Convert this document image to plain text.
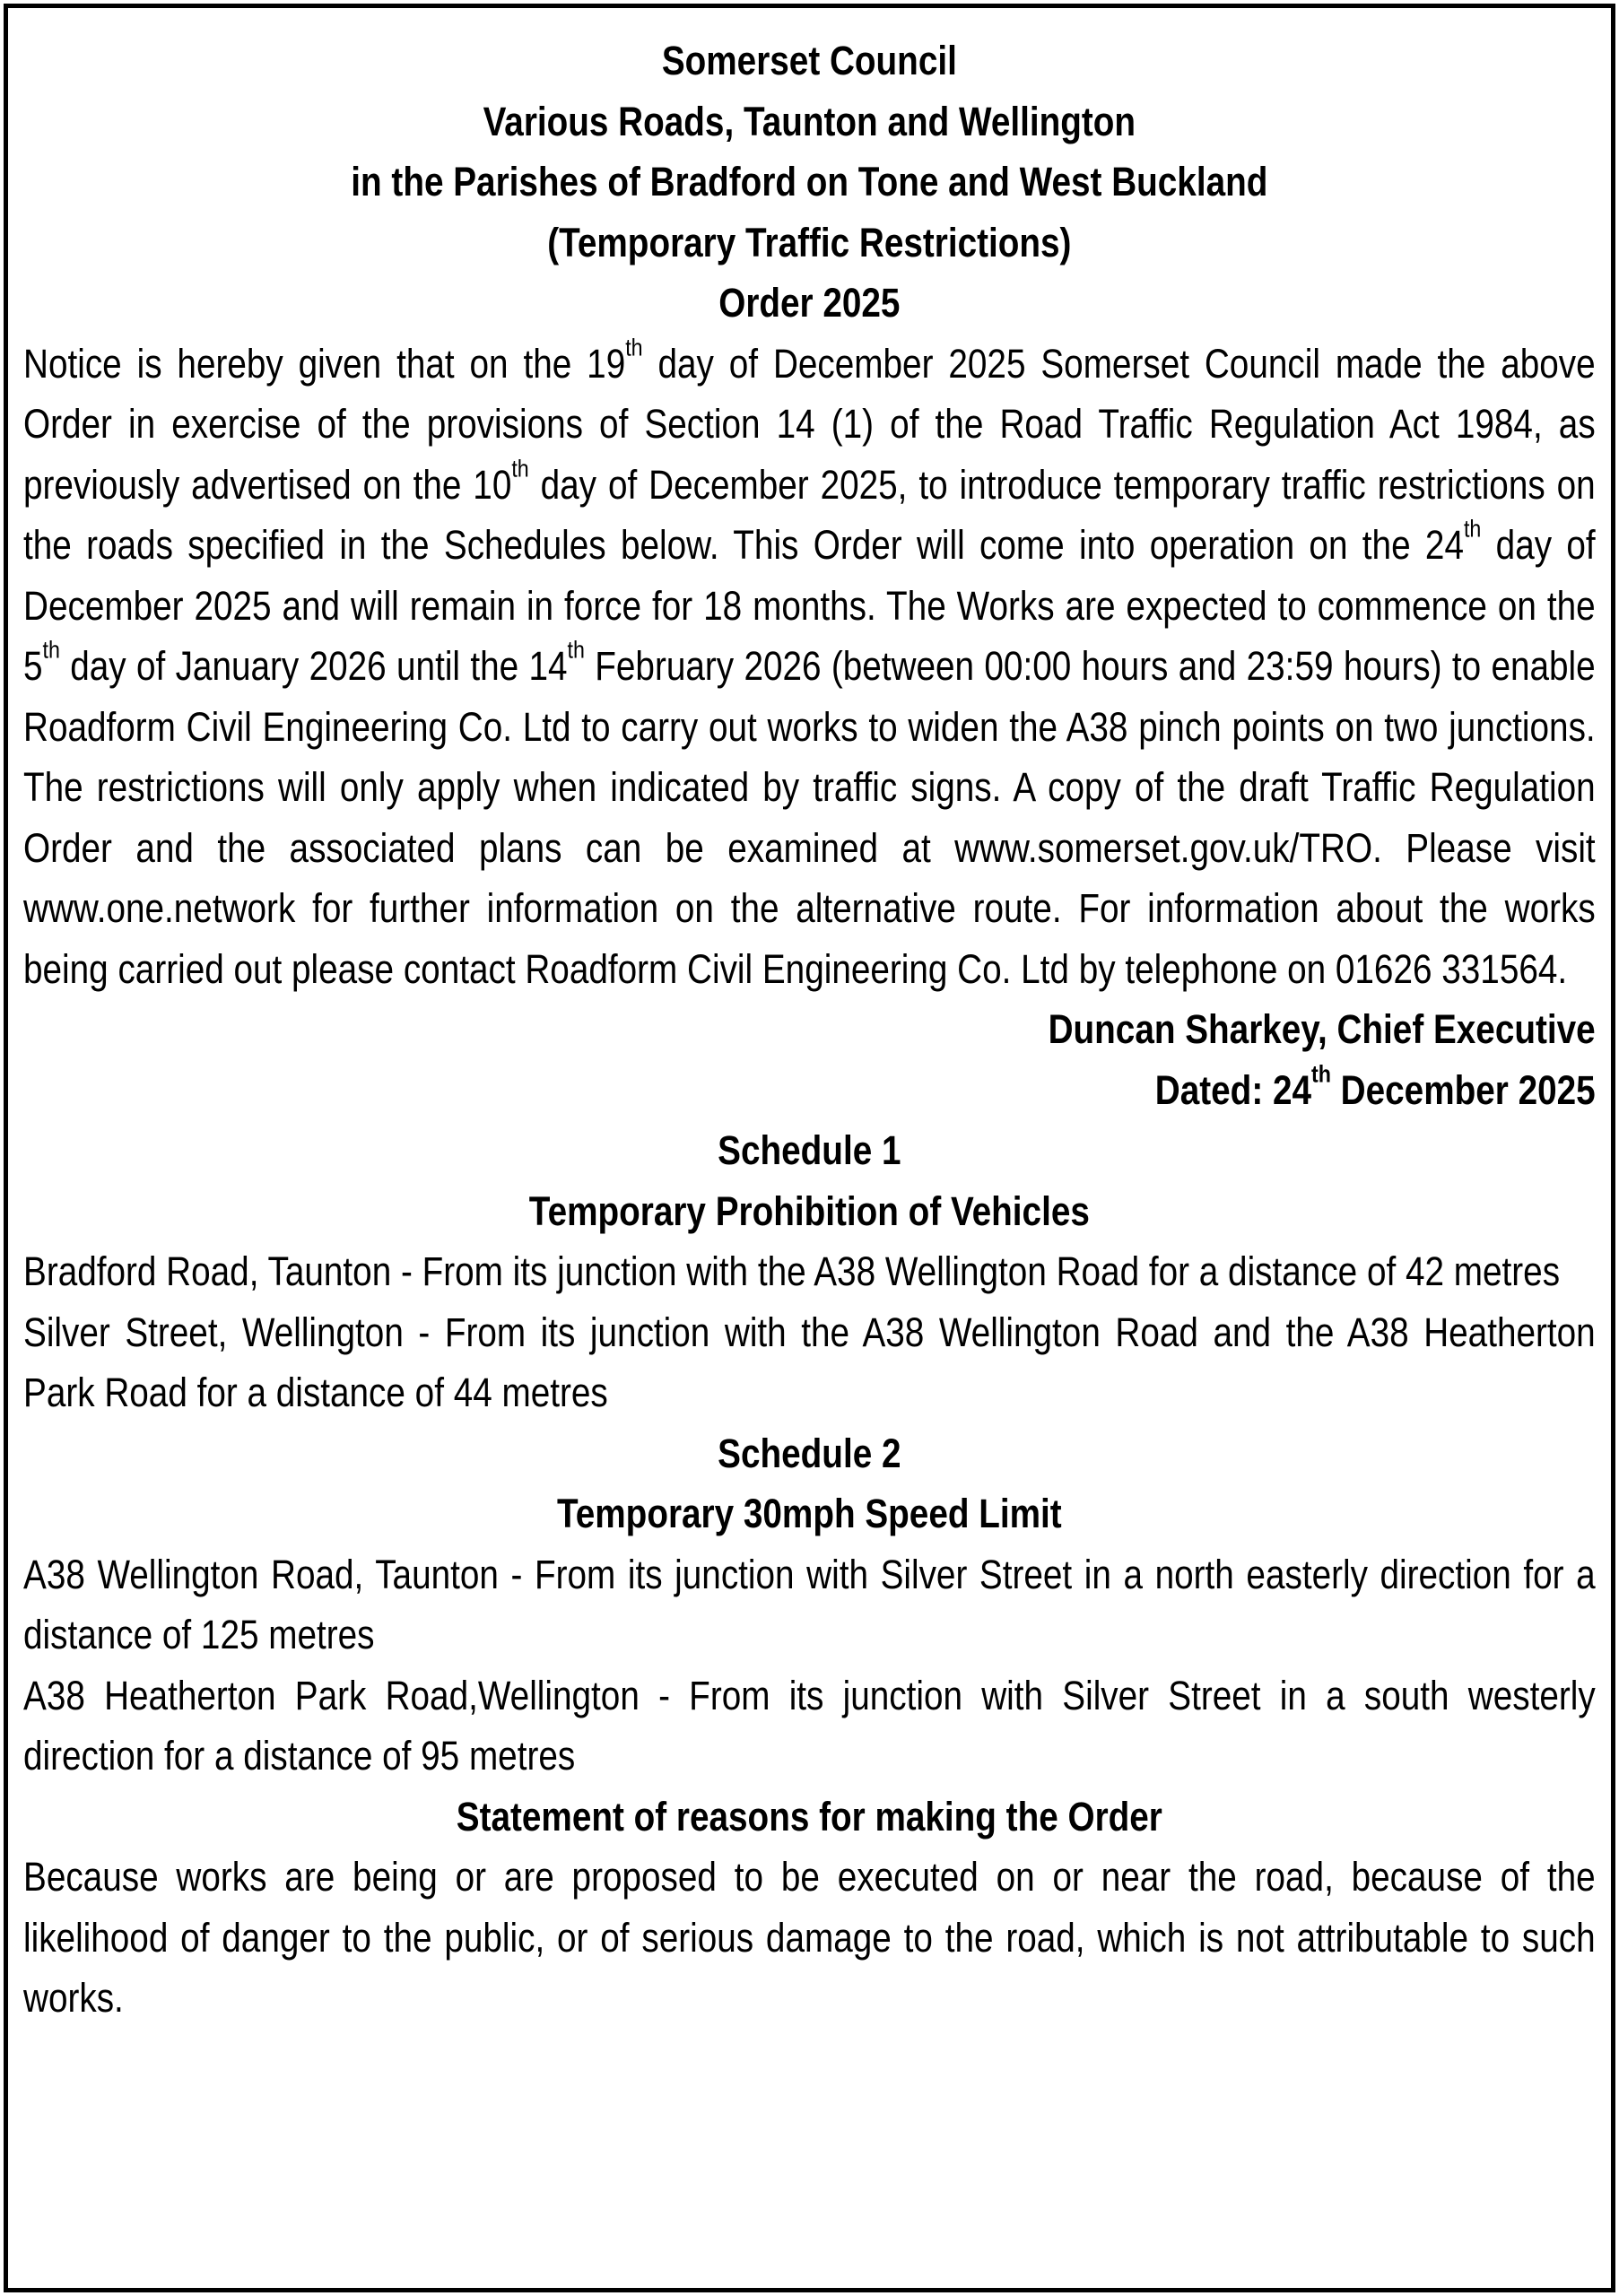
Somerset Council

Various Roads, Taunton and Wellington

in the Parishes of Bradford on Tone and West Buckland

(Temporary Traffic Restrictions)

Order 2025

Notice is hereby given that on the 19th day of December 2025 Somerset Council made the above Order in exercise of the provisions of Section 14 (1) of the Road Traffic Regulation Act 1984, as previously advertised on the 10th day of December 2025, to introduce temporary traffic restrictions on the roads specified in the Schedules below. This Order will come into operation on the 24th day of December 2025 and will remain in force for 18 months. The Works are expected to commence on the 5th day of January 2026 until the 14th February 2026 (between 00:00 hours and 23:59 hours) to enable Roadform Civil Engineering Co. Ltd to carry out works to widen the A38 pinch points on two junctions. The restrictions will only apply when indicated by traffic signs. A copy of the draft Traffic Regulation Order and the associated plans can be examined at www.somerset.gov.uk/TRO. Please visit www.one.network for further information on the alternative route. For information about the works being carried out please contact Roadform Civil Engineering Co. Ltd by telephone on 01626 331564.

Duncan Sharkey, Chief Executive

Dated: 24th December 2025

Schedule 1

Temporary Prohibition of Vehicles

Bradford Road, Taunton - From its junction with the A38 Wellington Road for a distance of 42 metres

Silver Street, Wellington - From its junction with the A38 Wellington Road and the A38 Heatherton Park Road for a distance of 44 metres

Schedule 2

Temporary 30mph Speed Limit

A38 Wellington Road, Taunton - From its junction with Silver Street in a north easterly direction for a distance of 125 metres

A38 Heatherton Park Road,Wellington - From its junction with Silver Street in a south westerly direction for a distance of 95 metres

Statement of reasons for making the Order

Because works are being or are proposed to be executed on or near the road, because of the likelihood of danger to the public, or of serious damage to the road, which is not attributable to such works.
